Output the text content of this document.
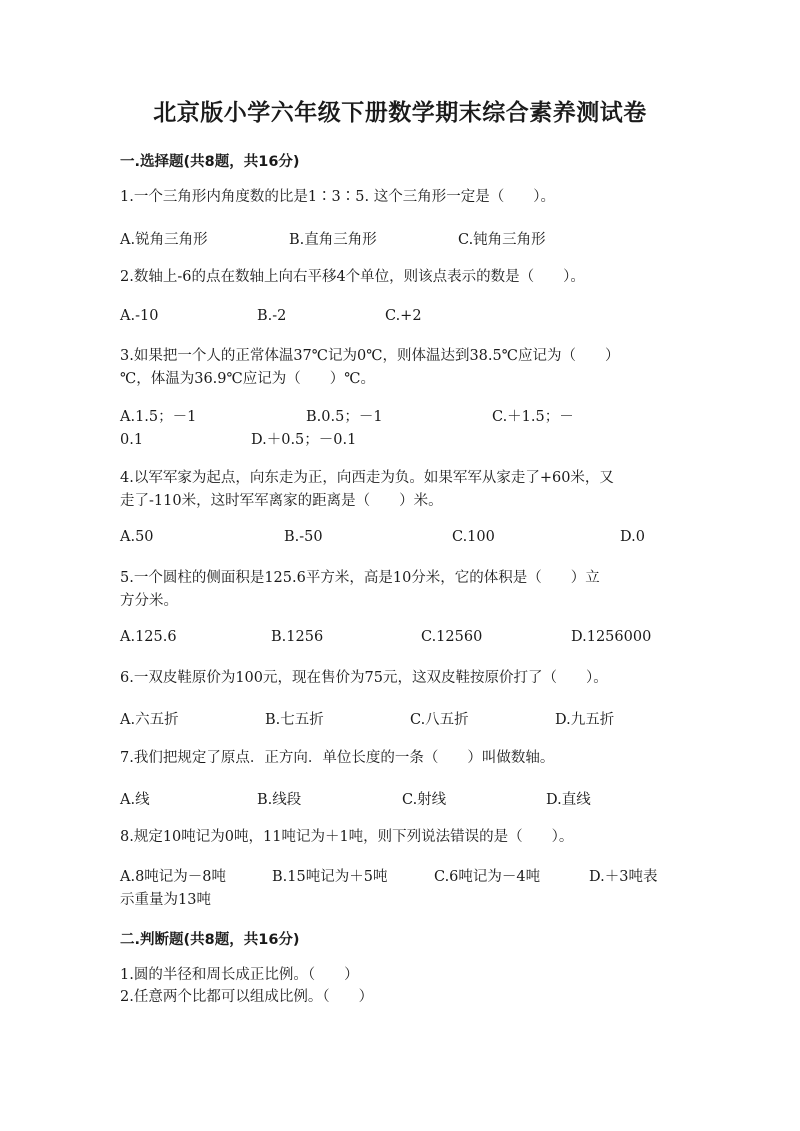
北京版小学六年级下册数学期末综合素养测试卷
一.选择题(共8题，共16分)
1.一个三角形内角度数的比是1∶3∶5. 这个三角形一定是（　　）。
A.锐角三角形	B.直角三角形	C.钝角三角形
2.数轴上-6的点在数轴上向右平移4个单位，则该点表示的数是（　　）。
A.-10	B.-2	C.+2
3.如果把一个人的正常体温37℃记为0℃，则体温达到38.5℃应记为（　　）
℃，体温为36.9℃应记为（　　）℃。
A.1.5；－1	B.0.5；－1	C.＋1.5；－
0.1	D.＋0.5；－0.1
4.以军军家为起点，向东走为正，向西走为负。如果军军从家走了+60米，又
走了-110米，这时军军离家的距离是（　　）米。
A.50	B.-50	C.100	D.0
5.一个圆柱的侧面积是125.6平方米，高是10分米，它的体积是（　　）立
方分米。
A.125.6	B.1256	C.12560	D.1256000
6.一双皮鞋原价为100元，现在售价为75元，这双皮鞋按原价打了（　　）。
A.六五折	B.七五折	C.八五折	D.九五折
7.我们把规定了原点．正方向．单位长度的一条（　　）叫做数轴。
A.线	B.线段	C.射线	D.直线
8.规定10吨记为0吨，11吨记为＋1吨，则下列说法错误的是（　　）。
A.8吨记为－8吨	B.15吨记为＋5吨	C.6吨记为－4吨	D.＋3吨表
示重量为13吨
二.判断题(共8题，共16分)
1.圆的半径和周长成正比例。（　　）
2.任意两个比都可以组成比例。（　　）
